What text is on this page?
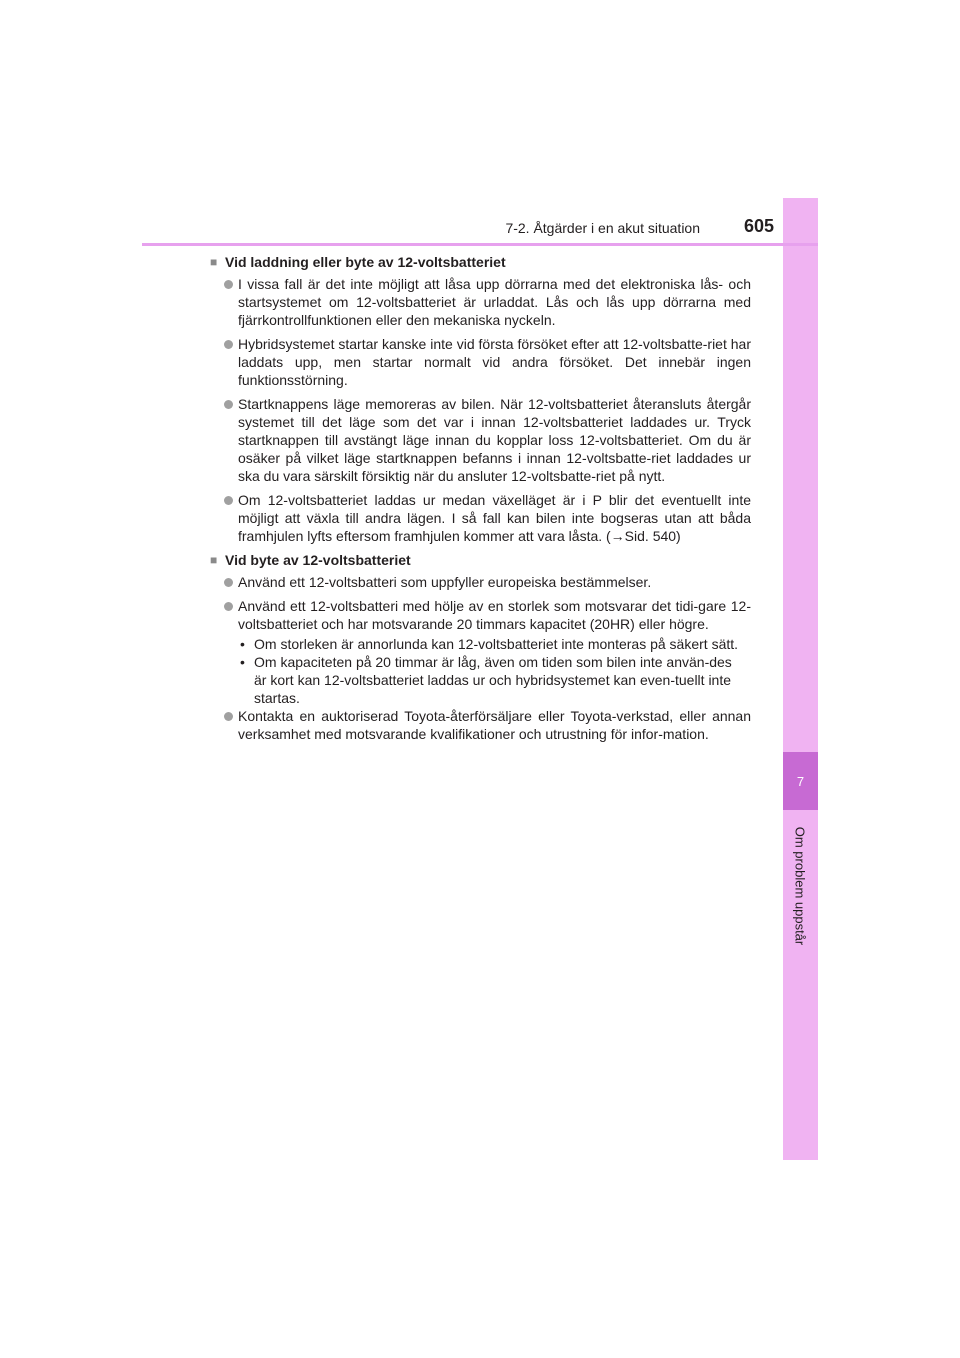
7
Om problem uppstår
7-2. Åtgärder i en akut situation	605
■ Vid laddning eller byte av 12-voltsbatteriet
I vissa fall är det inte möjligt att låsa upp dörrarna med det elektroniska lås- och startsystemet om 12-voltsbatteriet är urladdat. Lås och lås upp dörrarna med fjärrkontrollfunktionen eller den mekaniska nyckeln.
Hybridsystemet startar kanske inte vid första försöket efter att 12-voltsbatte-riet har laddats upp, men startar normalt vid andra försöket. Det innebär ingen funktionsstörning.
Startknappens läge memoreras av bilen. När 12-voltsbatteriet återansluts återgår systemet till det läge som det var i innan 12-voltsbatteriet laddades ur. Tryck startknappen till avstängt läge innan du kopplar loss 12-voltsbatteriet. Om du är osäker på vilket läge startknappen befanns i innan 12-voltsbatte-riet laddades ur ska du vara särskilt försiktig när du ansluter 12-voltsbatte-riet på nytt.
Om 12-voltsbatteriet laddas ur medan växelläget är i P blir det eventuellt inte möjligt att växla till andra lägen. I så fall kan bilen inte bogseras utan att båda framhjulen lyfts eftersom framhjulen kommer att vara låsta. (→Sid. 540)
■ Vid byte av 12-voltsbatteriet
Använd ett 12-voltsbatteri som uppfyller europeiska bestämmelser.
Använd ett 12-voltsbatteri med hölje av en storlek som motsvarar det tidi-gare 12-voltsbatteriet och har motsvarande 20 timmars kapacitet (20HR) eller högre.
• Om storleken är annorlunda kan 12-voltsbatteriet inte monteras på säkert sätt.
• Om kapaciteten på 20 timmar är låg, även om tiden som bilen inte använ-des är kort kan 12-voltsbatteriet laddas ur och hybridsystemet kan even-tuellt inte startas.
Kontakta en auktoriserad Toyota-återförsäljare eller Toyota-verkstad, eller annan verksamhet med motsvarande kvalifikationer och utrustning för infor-mation.
